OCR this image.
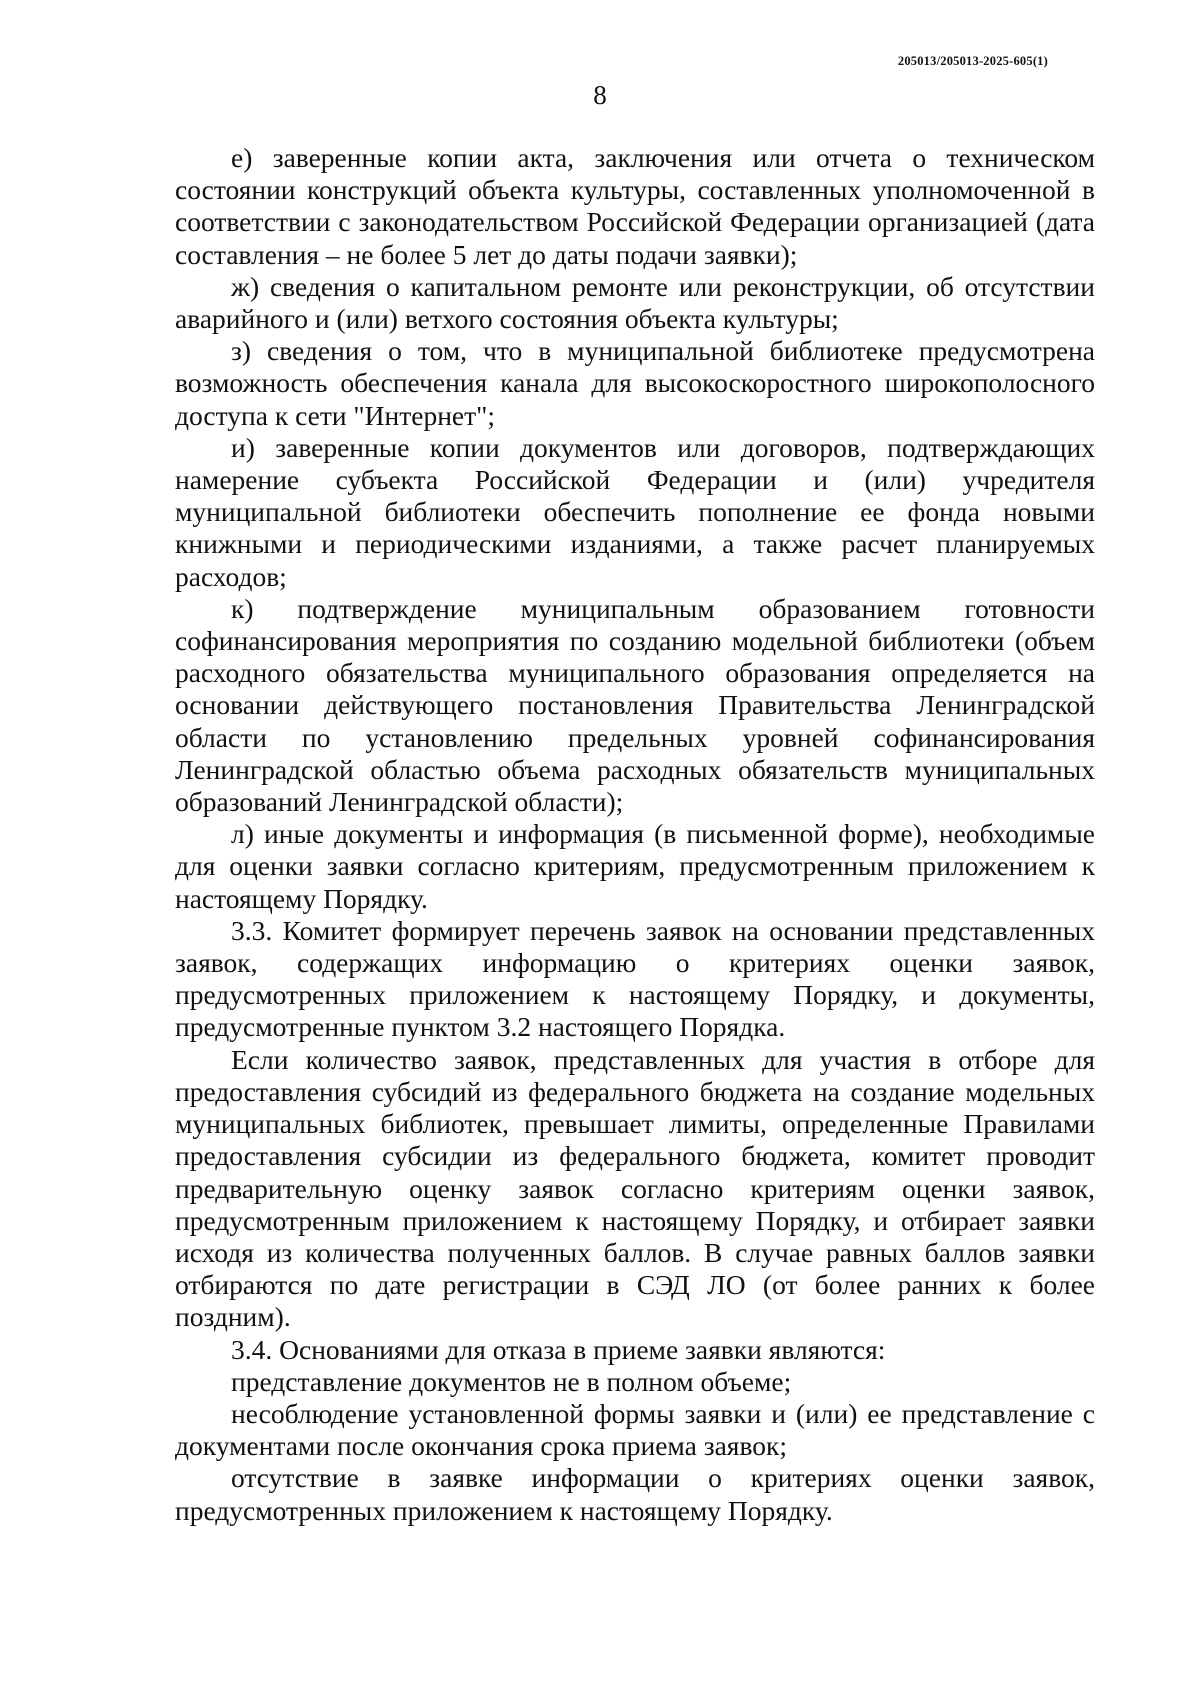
205013/205013-2025-605(1)
8

е) заверенные копии акта, заключения или отчета о техническом состоянии конструкций объекта культуры, составленных уполномоченной в соответствии с законодательством Российской Федерации организацией (дата составления – не более 5 лет до даты подачи заявки);

ж) сведения о капитальном ремонте или реконструкции, об отсутствии аварийного и (или) ветхого состояния объекта культуры;

з) сведения о том, что в муниципальной библиотеке предусмотрена возможность обеспечения канала для высокоскоростного широкополосного доступа к сети "Интернет";

и) заверенные копии документов или договоров, подтверждающих намерение субъекта Российской Федерации и (или) учредителя муниципальной библиотеки обеспечить пополнение ее фонда новыми книжными и периодическими изданиями, а также расчет планируемых расходов;

к) подтверждение муниципальным образованием готовности софинансирования мероприятия по созданию модельной библиотеки (объем расходного обязательства муниципального образования определяется на основании действующего постановления Правительства Ленинградской области по установлению предельных уровней софинансирования Ленинградской областью объема расходных обязательств муниципальных образований Ленинградской области);

л) иные документы и информация (в письменной форме), необходимые для оценки заявки согласно критериям, предусмотренным приложением к настоящему Порядку.

3.3. Комитет формирует перечень заявок на основании представленных заявок, содержащих информацию о критериях оценки заявок, предусмотренных приложением к настоящему Порядку, и документы, предусмотренные пунктом 3.2 настоящего Порядка.

Если количество заявок, представленных для участия в отборе для предоставления субсидий из федерального бюджета на создание модельных муниципальных библиотек, превышает лимиты, определенные Правилами предоставления субсидии из федерального бюджета, комитет проводит предварительную оценку заявок согласно критериям оценки заявок, предусмотренным приложением к настоящему Порядку, и отбирает заявки исходя из количества полученных баллов. В случае равных баллов заявки отбираются по дате регистрации в СЭД ЛО (от более ранних к более поздним).

3.4. Основаниями для отказа в приеме заявки являются:

представление документов не в полном объеме;

несоблюдение установленной формы заявки и (или) ее представление с документами после окончания срока приема заявок;

отсутствие в заявке информации о критериях оценки заявок, предусмотренных приложением к настоящему Порядку.
